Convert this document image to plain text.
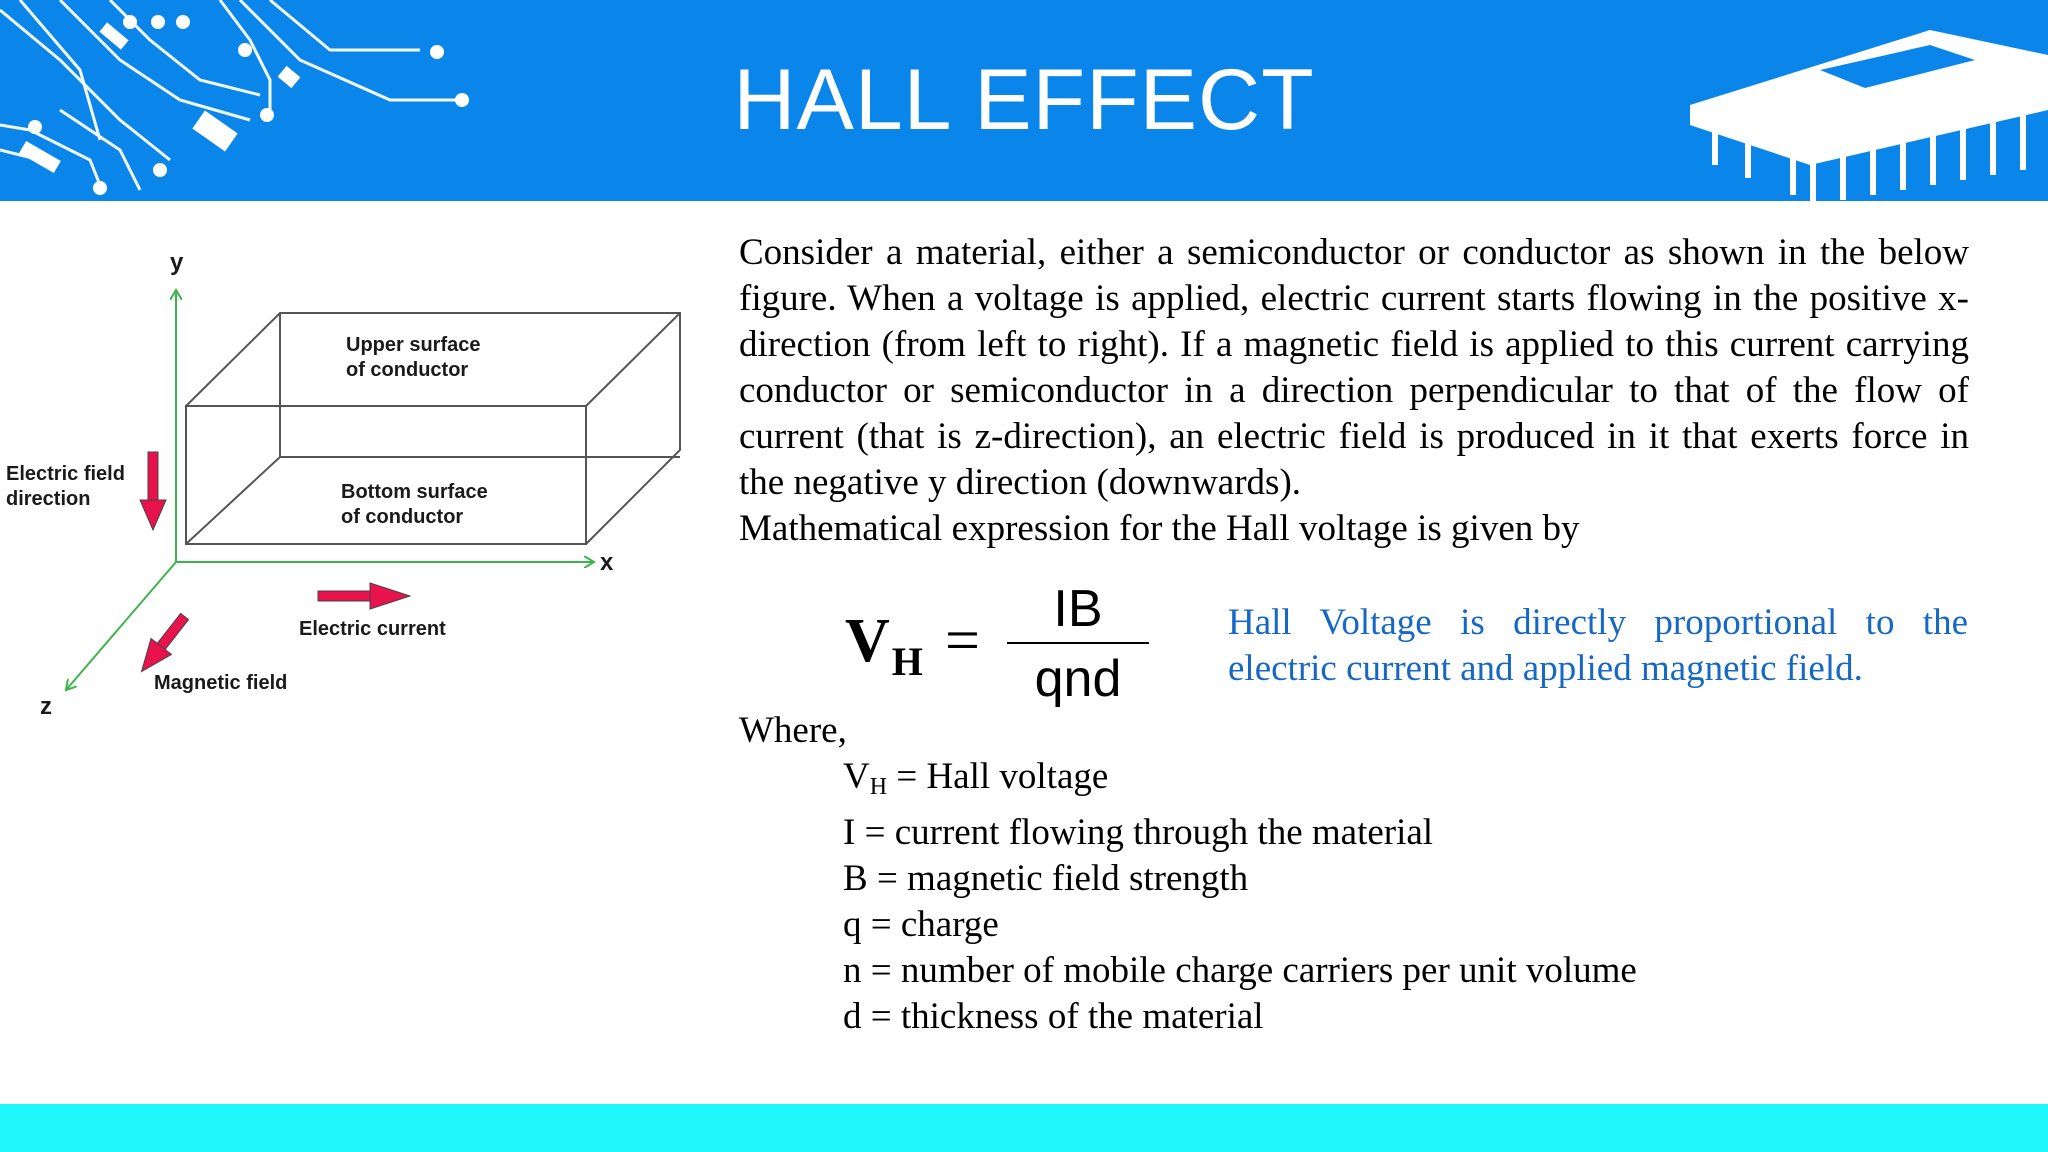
HALL EFFECT
y
x
z
Upper surface
of conductor
Bottom surface
of conductor
Electric field
direction
Electric current
Magnetic field

Consider a material, either a semiconductor or conductor as shown in the below figure. When a voltage is applied, electric current starts flowing in the positive x-direction (from left to right). If a magnetic field is applied to this current carrying conductor or semiconductor in a direction perpendicular to that of the flow of current (that is z-direction), an electric field is produced in it that exerts force in the negative y direction (downwards).

Mathematical expression for the Hall voltage is given by

$V_H$ =	IB
qnd
Hall Voltage is directly proportional to the electric current and applied magnetic field.
Where,
$V_H$ = Hall voltage
I = current flowing through the material
B = magnetic field strength
q = charge
n = number of mobile charge carriers per unit volume
d = thickness of the material
